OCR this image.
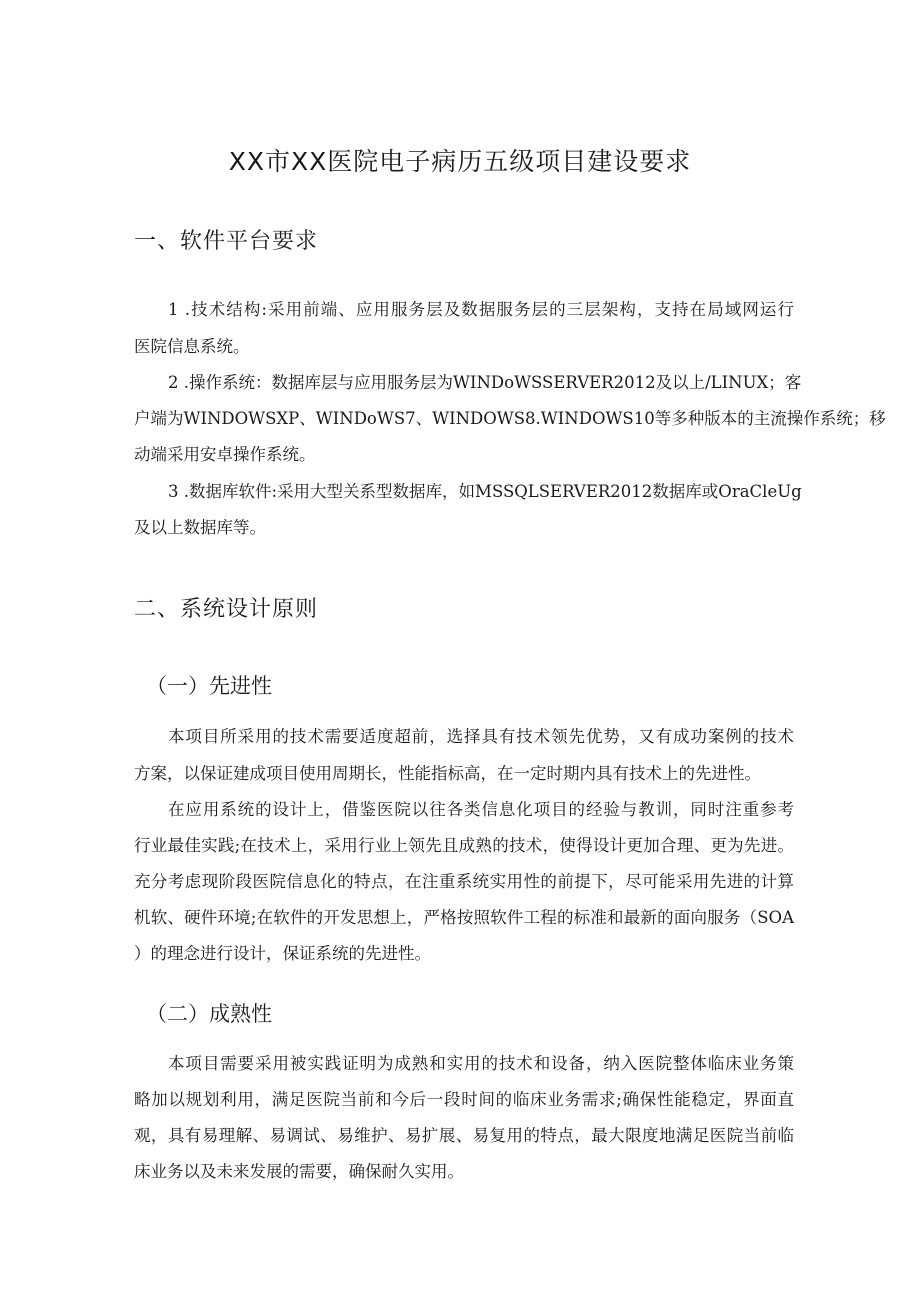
XX市XX医院电子病历五级项目建设要求
一、软件平台要求
1 .技术结构:采用前端、应用服务层及数据服务层的三层架构，支持在局域网运行
医院信息系统。
2 .操作系统：数据库层与应用服务层为WINDoWSSERVER2012及以上/LINUX；客
户端为WINDOWSXP、WINDoWS7、WINDOWS8.WINDOWS10等多种版本的主流操作系统；移
动端采用安卓操作系统。
3 .数据库软件:采用大型关系型数据库，如MSSQLSERVER2012数据库或OraCleUg
及以上数据库等。
二、系统设计原则
（一）先进性
本项目所采用的技术需要适度超前，选择具有技术领先优势，又有成功案例的技术
方案，以保证建成项目使用周期长，性能指标高，在一定时期内具有技术上的先进性。
在应用系统的设计上，借鉴医院以往各类信息化项目的经验与教训，同时注重参考
行业最佳实践;在技术上，采用行业上领先且成熟的技术，使得设计更加合理、更为先进。
充分考虑现阶段医院信息化的特点，在注重系统实用性的前提下，尽可能采用先进的计算
机软、硬件环境;在软件的开发思想上，严格按照软件工程的标准和最新的面向服务（SOA
）的理念进行设计，保证系统的先进性。
（二）成熟性
本项目需要采用被实践证明为成熟和实用的技术和设备，纳入医院整体临床业务策
略加以规划利用，满足医院当前和今后一段时间的临床业务需求;确保性能稳定，界面直
观，具有易理解、易调试、易维护、易扩展、易复用的特点，最大限度地满足医院当前临
床业务以及未来发展的需要，确保耐久实用。
